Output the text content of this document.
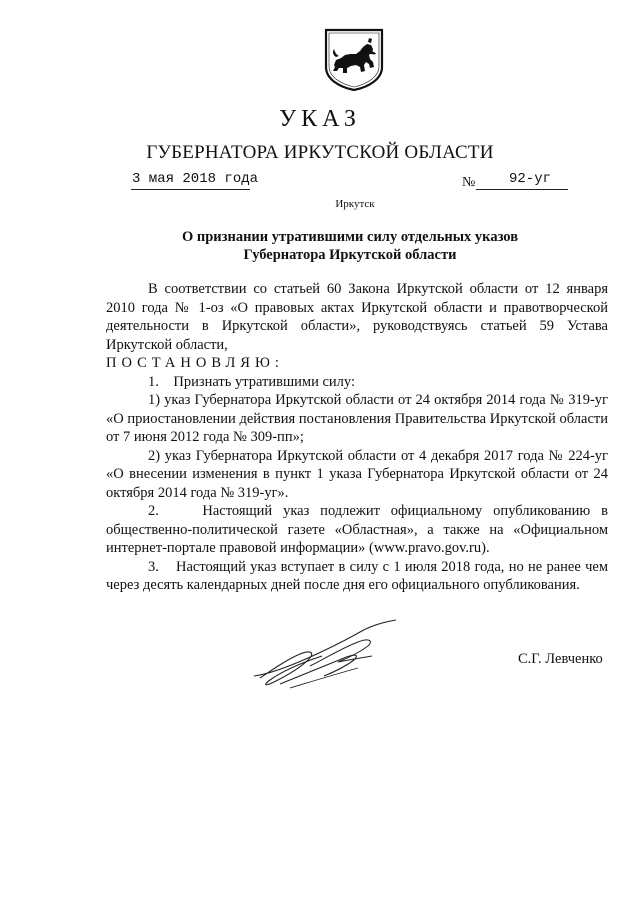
УКАЗ
ГУБЕРНАТОРА ИРКУТСКОЙ ОБЛАСТИ
3 мая 2018 года	№ 92-уг
Иркутск
О признании утратившими силу отдельных указов
Губернатора Иркутской области

В соответствии со статьей 60 Закона Иркутской области от 12 января 2010 года № 1-оз «О правовых актах Иркутской области и правотворческой деятельности в Иркутской области», руководствуясь статьей 59 Устава Иркутской области,

ПОСТАНОВЛЯЮ:

1.    Признать утратившими силу:

1) указ Губернатора Иркутской области от 24 октября 2014 года № 319-уг «О приостановлении действия постановления Правительства Иркутской области от 7 июня 2012 года № 309-пп»;

2) указ Губернатора Иркутской области от 4 декабря 2017 года № 224-уг «О внесении изменения в пункт 1 указа Губернатора Иркутской области от 24 октября 2014 года № 319-уг».

2.    Настоящий указ подлежит официальному опубликованию в общественно-политической газете «Областная», а также на «Официальном интернет-портале правовой информации» (www.pravo.gov.ru).

3.    Настоящий указ вступает в силу с 1 июля 2018 года, но не ранее чем через десять календарных дней после дня его официального опубликования.

С.Г. Левченко
